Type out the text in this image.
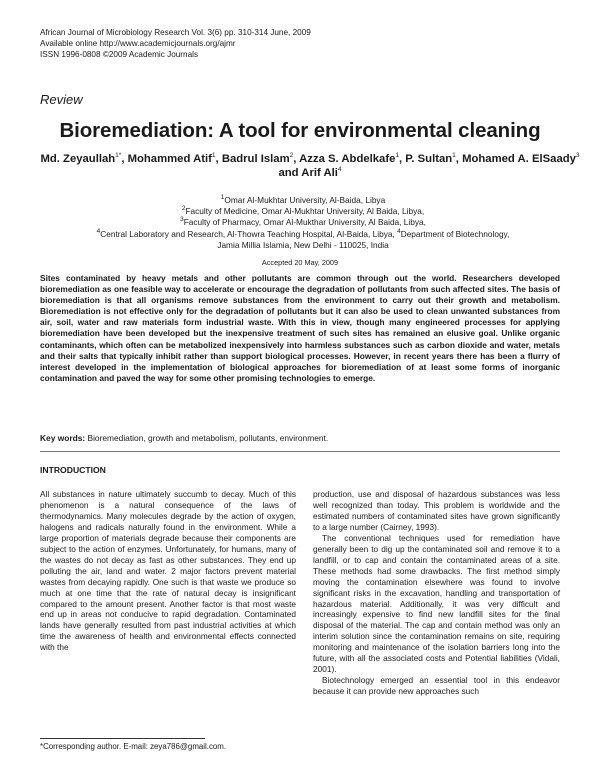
African Journal of Microbiology Research Vol. 3(6) pp. 310-314 June, 2009
Available online http://www.academicjournals.org/ajmr
ISSN 1996-0808 ©2009 Academic Journals
Review
Bioremediation: A tool for environmental cleaning
Md. Zeyaullah$^{1*}$, Mohammed Atif$^1$, Badrul Islam$^2$, Azza S. Abdelkafe$^1$, P. Sultan$^1$, Mohamed A. ElSaady$^3$ and Arif Ali$^4$
$^1$Omar Al-Mukhtar University, Al-Baida, Libya
$^2$Faculty of Medicine, Omar Al-Mukhtar University, Al Baida, Libya,
$^3$Faculty of Pharmacy, Omar Al-Mukthar University, Al Baida, Libya,
$^4$Central Laboratory and Research, Al-Thowra Teaching Hospital, Al-Baida, Libya, $^4$Department of Biotechnology,
Jamia Millia Islamia, New Delhi - 110025, India
Accepted 20 May, 2009
Sites contaminated by heavy metals and other pollutants are common through out the world. Researchers developed bioremediation as one feasible way to accelerate or encourage the degradation of pollutants from such affected sites. The basis of bioremediation is that all organisms remove substances from the environment to carry out their growth and metabolism. Bioremediation is not effective only for the degradation of pollutants but it can also be used to clean unwanted substances from air, soil, water and raw materials form industrial waste. With this in view, though many engineered processes for applying bioremediation have been developed but the inexpensive treatment of such sites has remained an elusive goal. Unlike organic contaminants, which often can be metabolized inexpensively into harmless substances such as carbon dioxide and water, metals and their salts that typically inhibit rather than support biological processes. However, in recent years there has been a flurry of interest developed in the implementation of biological approaches for bioremediation of at least some forms of inorganic contamination and paved the way for some other promising technologies to emerge.
Key words: Bioremediation, growth and metabolism, pollutants, environment.
INTRODUCTION

All substances in nature ultimately succumb to decay. Much of this phenomenon is a natural consequence of the laws of thermodynamics. Many molecules degrade by the action of oxygen, halogens and radicals naturally found in the environment. While a large proportion of materials degrade because their components are subject to the action of enzymes. Unfortunately, for humans, many of the wastes do not decay as fast as other substances. They end up polluting the air, land and water. 2 major factors prevent material wastes from decaying rapidly. One such is that waste we produce so much at one time that the rate of natural decay is insignificant compared to the amount present. Another factor is that most waste end up in areas not conducive to rapid degradation. Contaminated lands have generally resulted from past industrial activities at which time the awareness of health and environmental effects connected with the

production, use and disposal of hazardous substances was less well recognized than today. This problem is worldwide and the estimated numbers of contaminated sites have grown significantly to a large number (Cairney, 1993).

The conventional techniques used for remediation have generally been to dig up the contaminated soil and remove it to a landfill, or to cap and contain the contaminated areas of a site. These methods had some drawbacks. The first method simply moving the contamination elsewhere was found to involve significant risks in the excavation, handling and transportation of hazardous material. Additionally, it was very difficult and increasingly expensive to find new landfill sites for the final disposal of the material. The cap and contain method was only an interim solution since the contamination remains on site, requiring monitoring and maintenance of the isolation barriers long into the future, with all the associated costs and Potential liabilities (Vidali, 2001).

Biotechnology emerged an essential tool in this endeavor because it can provide new approaches such

*Corresponding author. E-mail: zeya786@gmail.com.
